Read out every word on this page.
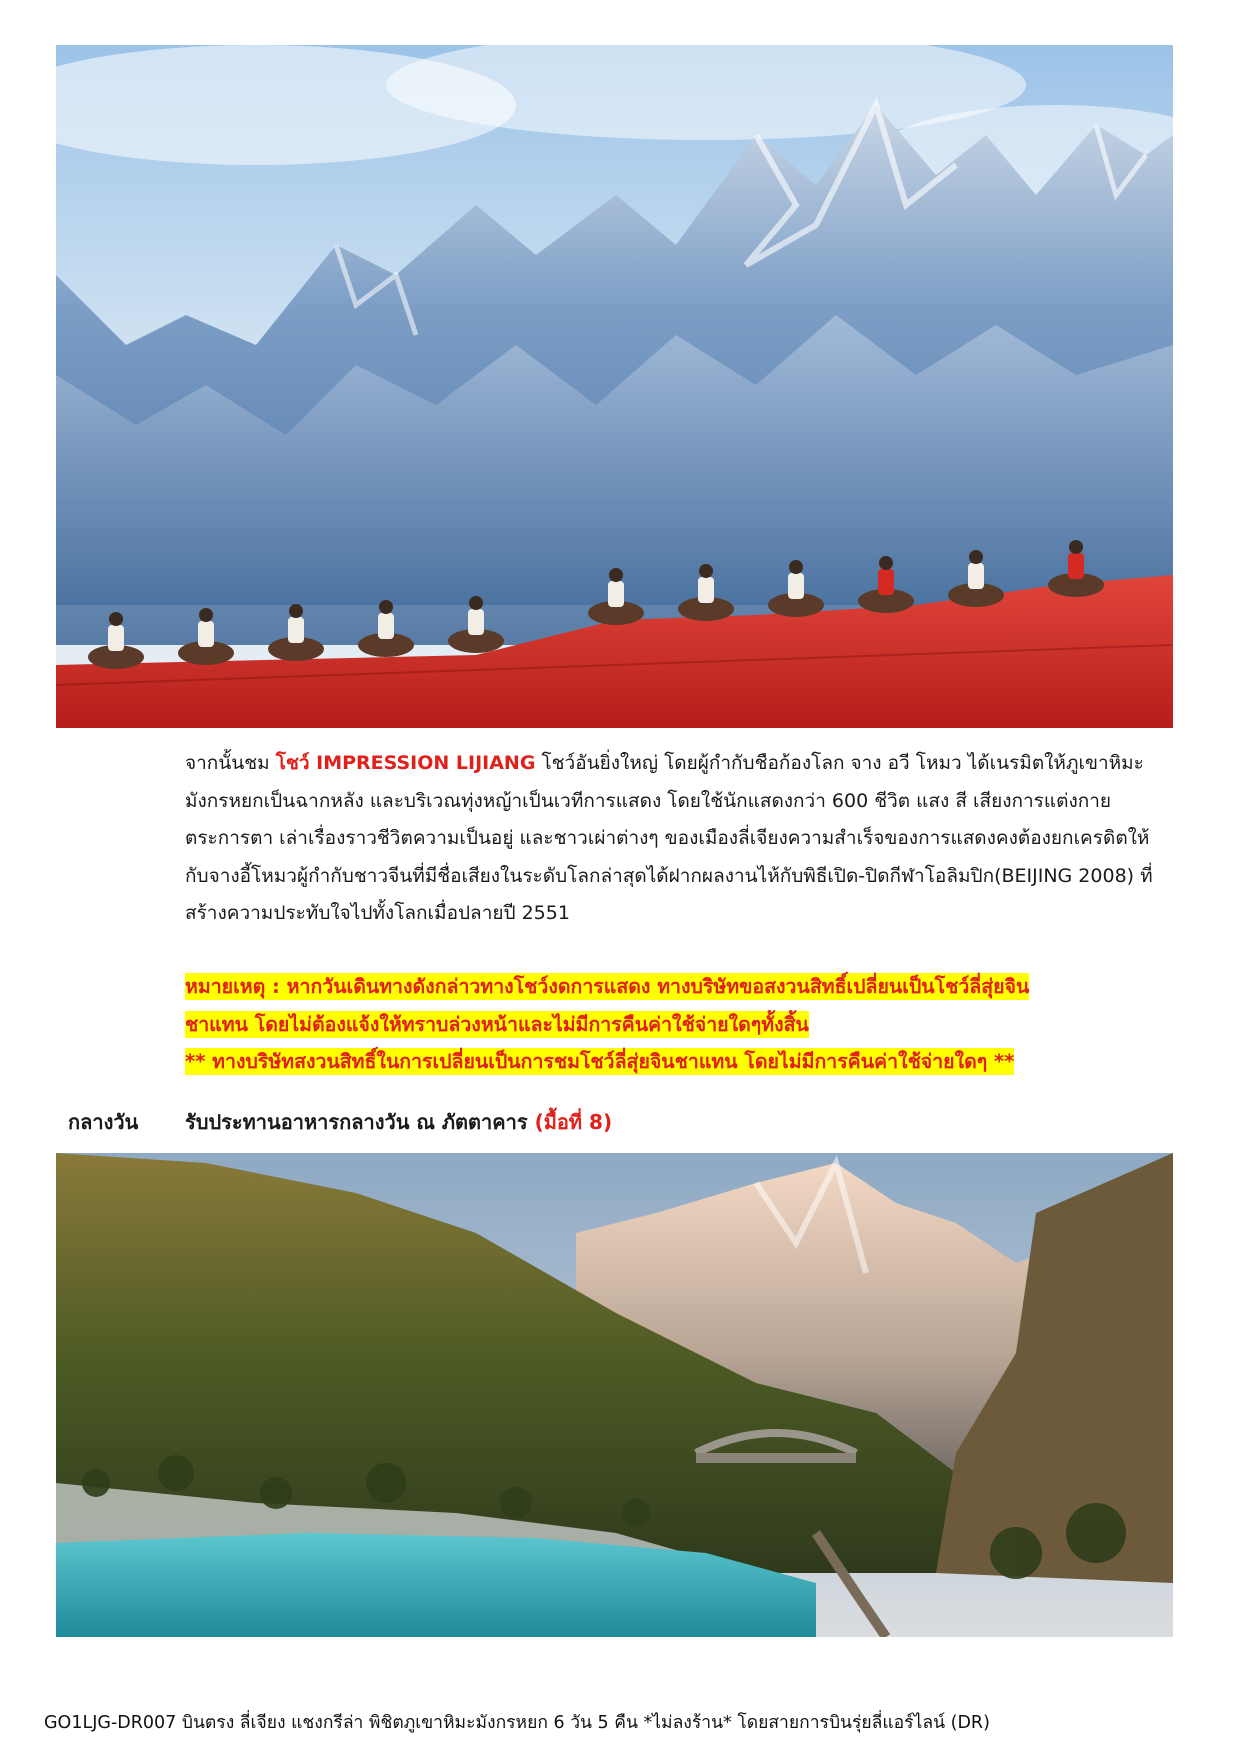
จากนั้นชม โชว์ IMPRESSION LIJIANG โชว์อันยิ่งใหญ่ โดยผู้กำกับชือก้องโลก จาง อวี โหมว ได้เนรมิตให้ภูเขาหิมะมังกรหยกเป็นฉากหลัง และบริเวณทุ่งหญ้าเป็นเวทีการแสดง โดยใช้นักแสดงกว่า 600 ชีวิต แสง สี เสียงการแต่งกายตระการตา เล่าเรื่องราวชีวิตความเป็นอยู่ และชาวเผ่าต่างๆ ของเมืองลี่เจียงความสำเร็จของการแสดงคงต้องยกเครดิตให้กับจางอี้โหมวผู้กำกับชาวจีนที่มีชื่อเสียงในระดับโลกล่าสุดได้ฝากผลงานไห้กับพิธีเปิด-ปิดกีฬาโอลิมปิก(BEIJING 2008) ที่สร้างความประทับใจไปทั้งโลกเมื่อปลายปี 2551

หมายเหตุ : หากวันเดินทางดังกล่าวทางโชว์งดการแสดง ทางบริษัทขอสงวนสิทธิ์เปลี่ยนเป็นโชว์ลี่สุ่ยจิน
ชาแทน โดยไม่ต้องแจ้งให้ทราบล่วงหน้าและไม่มีการคืนค่าใช้จ่ายใดๆทั้งสิ้น
** ทางบริษัทสงวนสิทธิ์ในการเปลี่ยนเป็นการชมโชว์ลี่สุ่ยจินชาแทน โดยไม่มีการคืนค่าใช้จ่ายใดๆ **
กลางวัน รับประทานอาหารกลางวัน ณ ภัตตาคาร (มื้อที่ 8)
GO1LJG-DR007 บินตรง ลี่เจียง แชงกรีล่า พิชิตภูเขาหิมะมังกรหยก 6 วัน 5 คืน *ไม่ลงร้าน* โดยสายการบินรุ่ยลี่แอร์ไลน์ (DR)
